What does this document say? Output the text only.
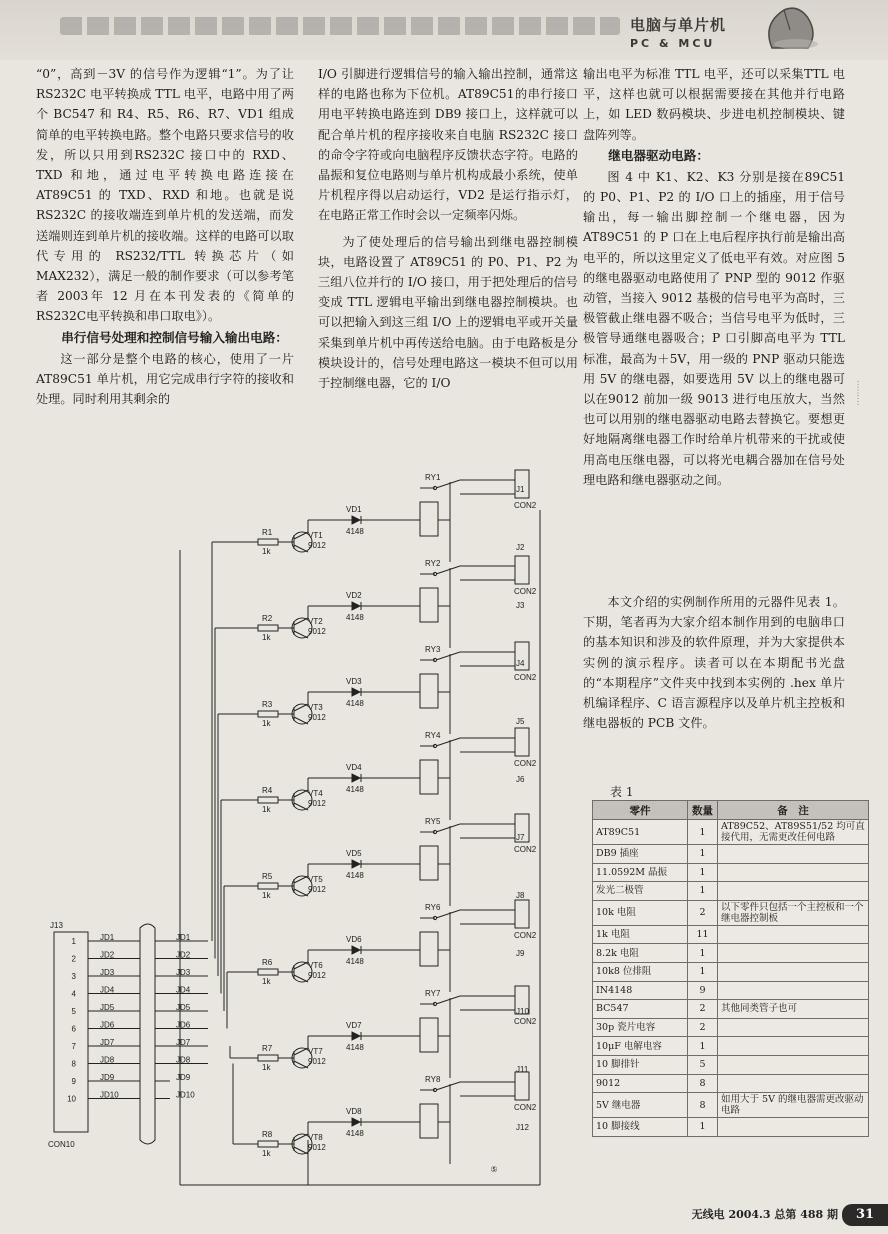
电脑与单片机
PC & MCU

“0”，高到－3V 的信号作为逻辑“1”。为了让RS232C 电平转换成 TTL 电平，电路中用了两个 BC547 和 R4、R5、R6、R7、VD1 组成简单的电平转换电路。整个电路只要求信号的收发，所以只用到RS232C 接口中的 RXD、TXD 和地，通过电平转换电路连接在 AT89C51 的 TXD、RXD 和地。也就是说 RS232C 的接收端连到单片机的发送端，而发送端则连到单片机的接收端。这样的电路可以取代专用的 RS232/TTL 转换芯片（如 MAX232），满足一般的制作要求（可以参考笔者 2003年 12 月在本刊发表的《简单的 RS232C电平转换和串口取电》）。

串行信号处理和控制信号输入输出电路：

这一部分是整个电路的核心，使用了一片 AT89C51 单片机，用它完成串行字符的接收和处理。同时利用其剩余的

I/O 引脚进行逻辑信号的输入输出控制，通常这样的电路也称为下位机。AT89C51的串行接口用电平转换电路连到 DB9 接口上，这样就可以配合单片机的程序接收来自电脑 RS232C 接口的命令字符或向电脑程序反馈状态字符。电路的晶振和复位电路则与单片机构成最小系统，使单片机程序得以启动运行，VD2 是运行指示灯，在电路正常工作时会以一定频率闪烁。

为了使处理后的信号输出到继电器控制模块，电路设置了 AT89C51 的 P0、P1、P2 为三组八位并行的 I/O 接口，用于把处理后的信号变成 TTL 逻辑电平输出到继电器控制模块。也可以把输入到这三组 I/O 上的逻辑电平或开关量采集到单片机中再传送给电脑。由于电路板是分模块设计的，信号处理电路这一模块不但可以用于控制继电器，它的 I/O

输出电平为标准 TTL 电平，还可以采集TTL 电平，这样也就可以根据需要接在其他并行电路上，如 LED 数码模块、步进电机控制模块、键盘阵列等。

继电器驱动电路：

图 4 中 K1、K2、K3 分别是接在89C51 的 P0、P1、P2 的 I/O 口上的插座，用于信号输出，每一输出脚控制一个继电器，因为 AT89C51 的 P 口在上电后程序执行前是输出高电平的，所以这里定义了低电平有效。对应图 5 的继电器驱动电路使用了 PNP 型的 9012 作驱动管，当接入 9012 基极的信号电平为高时，三极管截止继电器不吸合；当信号电平为低时，三极管导通继电器吸合；P 口引脚高电平为 TTL 标准，最高为＋5V，用一级的 PNP 驱动只能选用 5V 的继电器，如要选用 5V 以上的继电器可以在9012 前加一级 9013 进行电压放大，当然也可以用别的继电器驱动电路去替换它。要想更好地隔离继电器工作时给单片机带来的干扰或使用高电压继电器，可以将光电耦合器加在信号处理电路和继电器驱动之间。

本文介绍的实例制作所用的元器件见表 1。下期，笔者再为大家介绍本制作用到的电脑串口的基本知识和涉及的软件原理，并为大家提供本实例的演示程序。读者可以在本期配书光盘的“本期程序”文件夹中找到本实例的 .hex 单片机编译程序、C 语言源程序以及单片机主控板和继电器板的 PCB 文件。

·········
J13
CON10
1	JD1
2	JD2
3	JD3
4	JD4
5	JD5
6	JD6
7	JD7
8	JD8
9	JD9
10	JD10
JD1
JD2
JD3
JD4
JD5
JD6
JD7
JD8
JD9
JD10
R1
1k
VT1
9012
VD1
4148
RY1
CON2
R2
1k
VT2
9012
VD2
4148
RY2
CON2
R3
1k
VT3
9012
VD3
4148
RY3
CON2
R4
1k
VT4
9012
VD4
4148
RY4
CON2
R5
1k
VT5
9012
VD5
4148
RY5
CON2
R6
1k
VT6
9012
VD6
4148
RY6
CON2
R7
1k
VT7
9012
VD7
4148
RY7
CON2
R8
1k
VT8
9012
VD8
4148
RY8
CON2
J1
J2
J3
J4
J5
J6
J7
J8
J9
J10
J11
J12
⑤
表 1
零件	数量	备　注
AT89C51	1	AT89C52、AT89S51/52 均可直接代用，无需更改任何电路
DB9 插座	1	
11.0592M 晶振	1	
发光二极管	1	
10k 电阻	2	以下零件只包括一个主控板和一个继电器控制板
1k 电阻	11	
8.2k 电阻	1	
10k8 位排阻	1	
IN4148	9	
BC547	2	其他同类管子也可
30p 瓷片电容	2	
10μF 电解电容	1	
10 脚排针	5	
9012	8	
5V 继电器	8	如用大于 5V 的继电器需更改驱动电路
10 脚接线	1	
无线电 2004.3 总第 488 期	31
